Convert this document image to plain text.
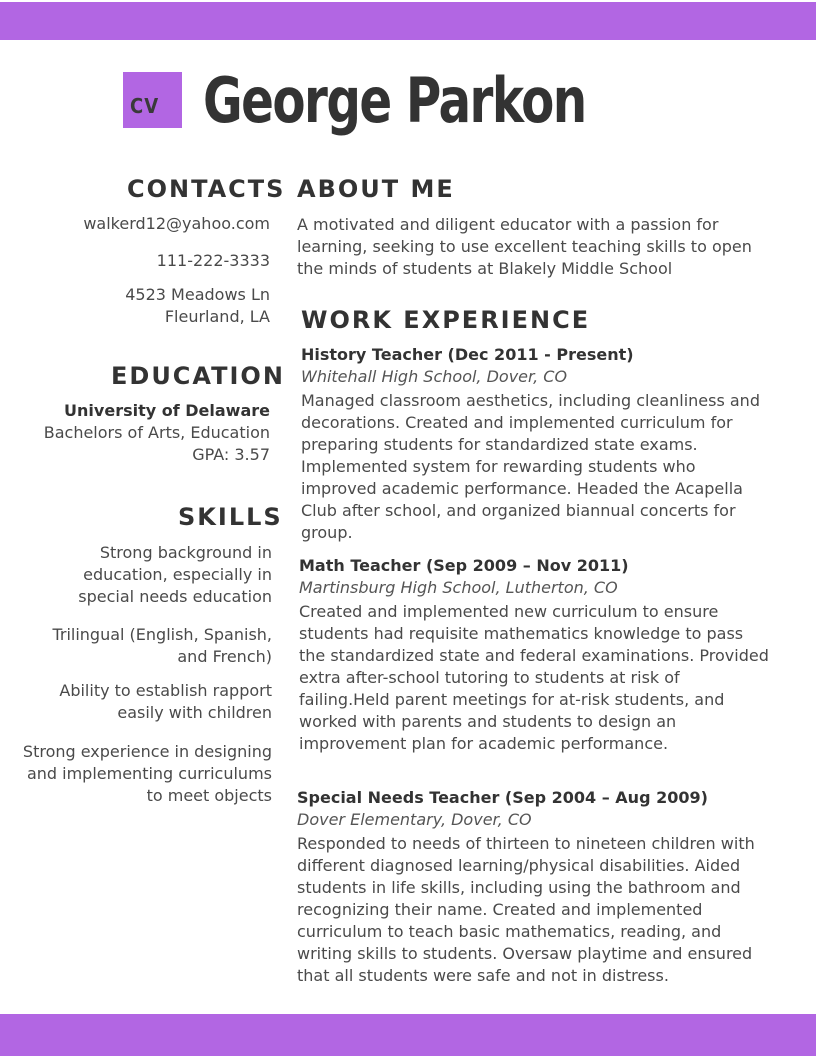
CV George Parkon
CONTACTS

walkerd12@yahoo.com

111-222-3333

4523 Meadows Ln

Fleurland, LA

EDUCATION

University of Delaware

Bachelors of Arts, Education

GPA: 3.57

SKILLS

Strong background in education, especially in special needs education

Trilingual (English, Spanish, and French)

Ability to establish rapport easily with children

Strong experience in designing and implementing curriculums to meet objects

ABOUT ME

A motivated and diligent educator with a passion for learning, seeking to use excellent teaching skills to open the minds of students at Blakely Middle School

WORK EXPERIENCE

History Teacher (Dec 2011 - Present)

Whitehall High School, Dover, CO

Managed classroom aesthetics, including cleanliness and decorations. Created and implemented curriculum for preparing students for standardized state exams. Implemented system for rewarding students who improved academic performance. Headed the Acapella Club after school, and organized biannual concerts for group.

Math Teacher (Sep 2009 – Nov 2011)

Martinsburg High School, Lutherton, CO

Created and implemented new curriculum to ensure students had requisite mathematics knowledge to pass the standardized state and federal examinations. Provided extra after-school tutoring to students at risk of failing.Held parent meetings for at-risk students, and worked with parents and students to design an improvement plan for academic performance.

Special Needs Teacher (Sep 2004 – Aug 2009)

Dover Elementary, Dover, CO

Responded to needs of thirteen to nineteen children with different diagnosed learning/physical disabilities. Aided students in life skills, including using the bathroom and recognizing their name. Created and implemented curriculum to teach basic mathematics, reading, and writing skills to students. Oversaw playtime and ensured that all students were safe and not in distress.
